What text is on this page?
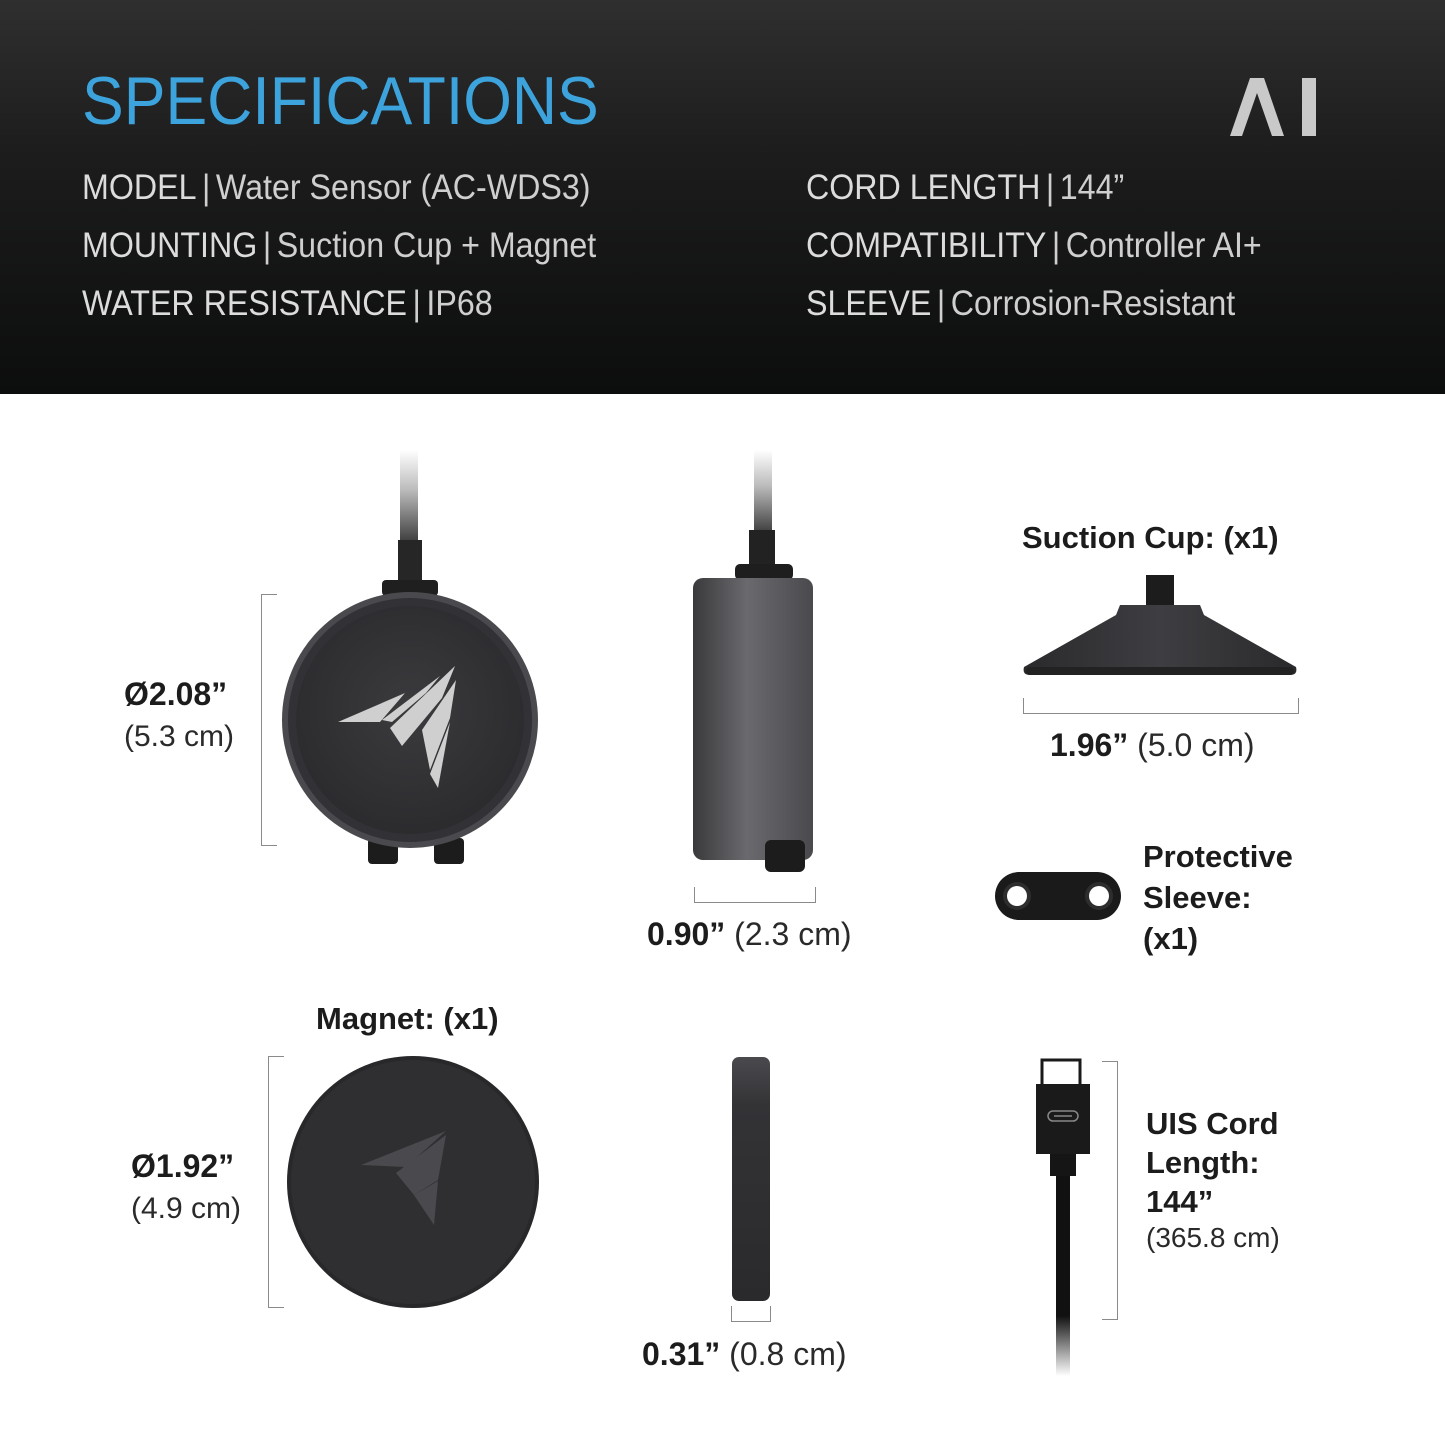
SPECIFICATIONS
MODEL | Water Sensor (AC-WDS3)
MOUNTING | Suction Cup + Magnet
WATER RESISTANCE | IP68
CORD LENGTH | 144”
COMPATIBILITY | Controller AI+
SLEEVE | Corrosion-Resistant
Ø2.08”
(5.3 cm)
0.90” (2.3 cm)
Suction Cup: (x1)
1.96” (5.0 cm)
Protective
Sleeve:
(x1)
Magnet: (x1)
Ø1.92”
(4.9 cm)
0.31” (0.8 cm)
UIS Cord
Length:
144”
(365.8 cm)
